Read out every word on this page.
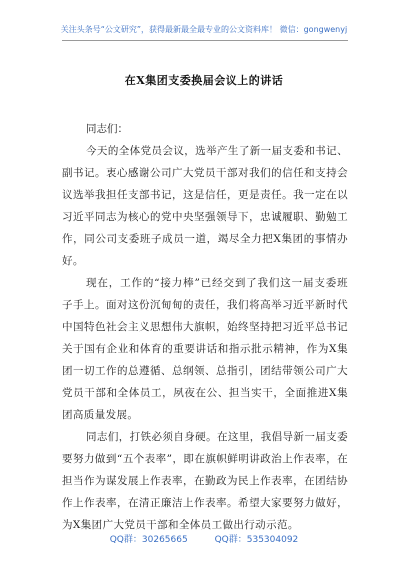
关注头条号“公文研究”，获得最新最全最专业的公文资料库！ 微信：gongwenyj
在X集团支委换届会议上的讲话

同志们：

今天的全体党员会议，选举产生了新一届支委和书记、副书记。衷心感谢公司广大党员干部对我们的信任和支持会议选举我担任支部书记，这是信任，更是责任。我一定在以习近平同志为核心的党中央坚强领导下，忠诚履职、勤勉工作，同公司支委班子成员一道，竭尽全力把X集团的事情办好。

现在，工作的“接力棒”已经交到了我们这一届支委班子手上。面对这份沉甸甸的责任，我们将高举习近平新时代中国特色社会主义思想伟大旗帜，始终坚持把习近平总书记关于国有企业和体育的重要讲话和指示批示精神，作为X集团一切工作的总遵循、总纲领、总指引，团结带领公司广大党员干部和全体员工，夙夜在公、担当实干，全面推进X集团高质量发展。

同志们，打铁必须自身硬。在这里，我倡导新一届支委要努力做到“五个表率”，即在旗帜鲜明讲政治上作表率，在担当作为谋发展上作表率，在勤政为民上作表率，在团结协作上作表率，在清正廉洁上作表率。希望大家要努力做好，为X集团广大党员干部和全体员工做出行动示范。

QQ群：30265665	QQ群：535304092
